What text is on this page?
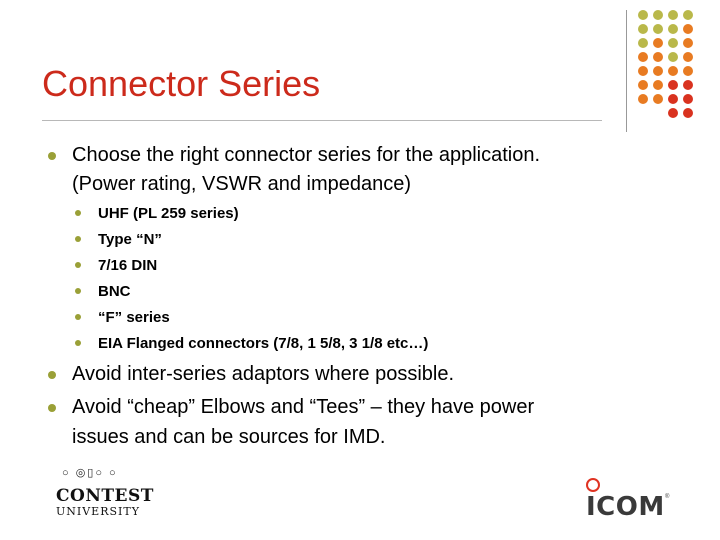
Connector Series
Choose the right connector series for the application.
(Power rating, VSWR and impedance)
UHF (PL 259 series)
Type “N”
7/16 DIN
BNC
“F” series
EIA Flanged connectors (7/8, 1 5/8, 3 1/8 etc…)
Avoid inter-series adaptors where possible.
Avoid “cheap” Elbows and “Tees” – they have power
issues and can be sources for IMD.
○ ◎▯○ ○
CONTEST
UNIVERSITY	ICOM ®
